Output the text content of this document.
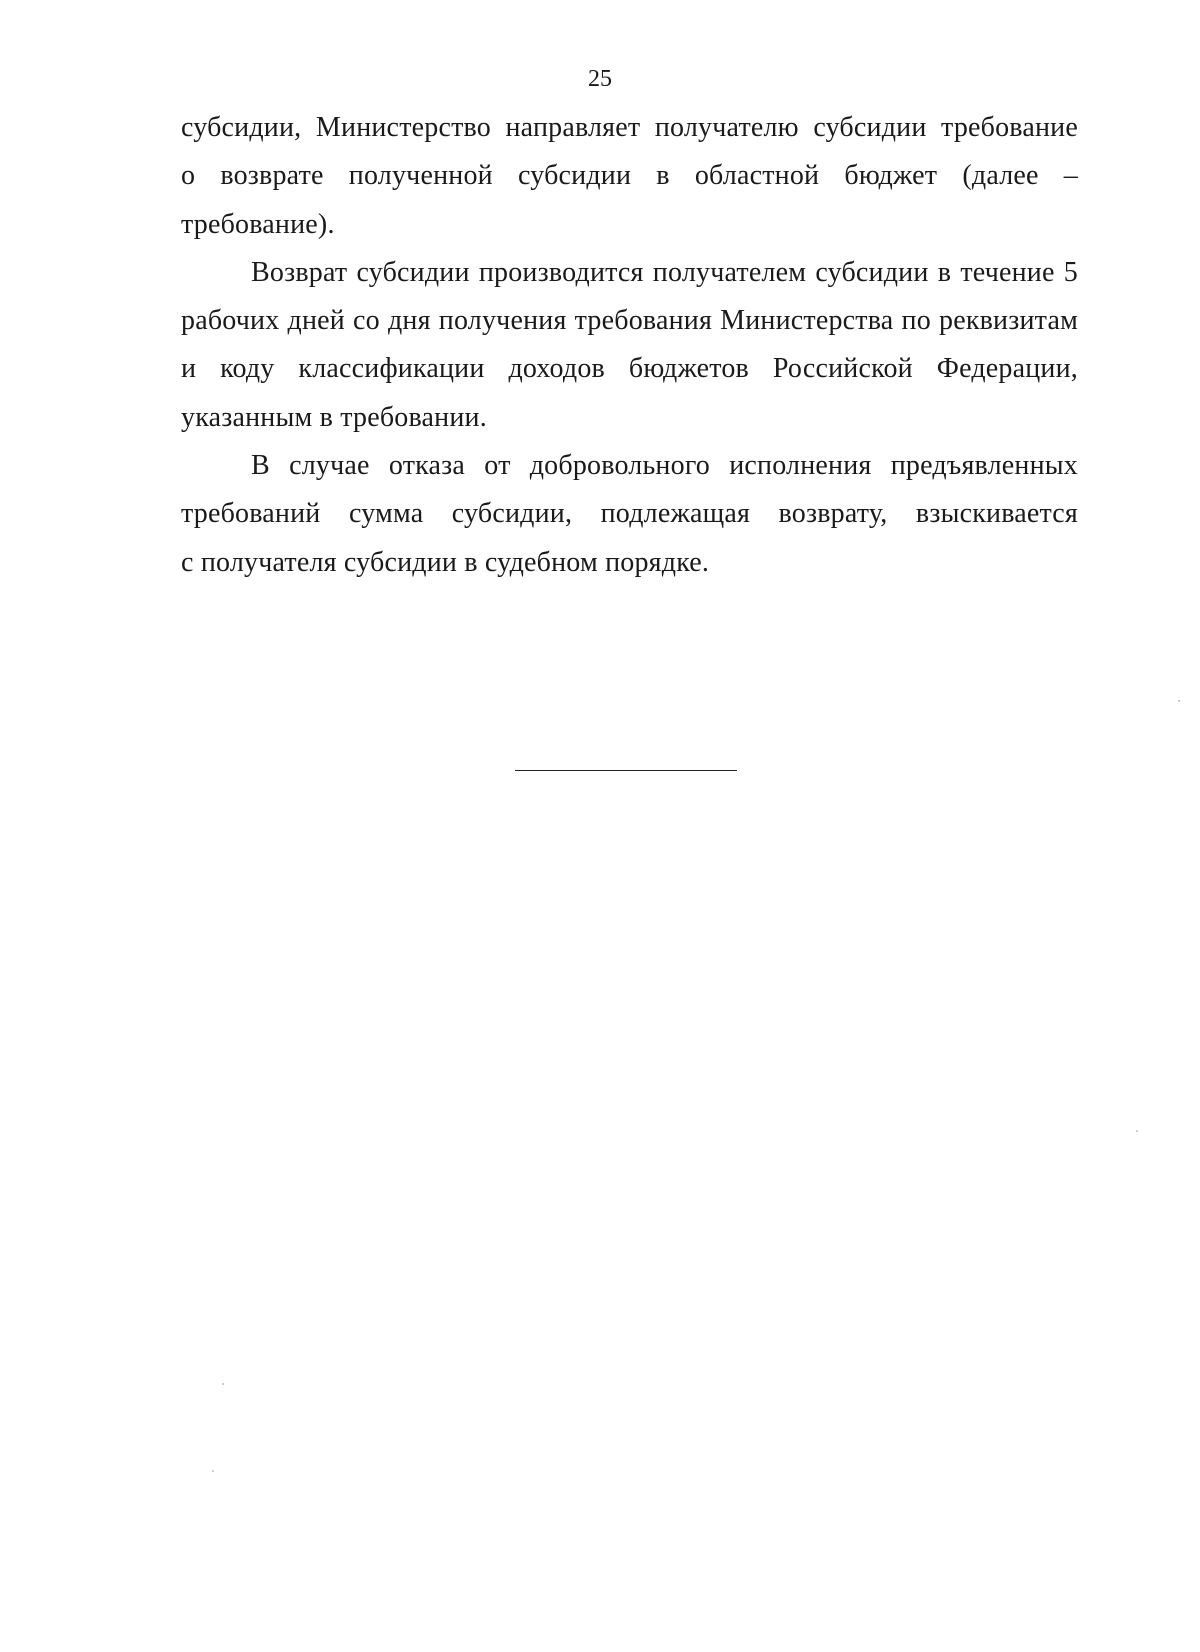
25

субсидии, Министерство направляет получателю субсидии требование
о возврате полученной субсидии в областной бюджет (далее –
требование).

Возврат субсидии производится получателем субсидии в течение 5
рабочих дней со дня получения требования Министерства по реквизитам
и коду классификации доходов бюджетов Российской Федерации,
указанным в требовании.

В случае отказа от добровольного исполнения предъявленных
требований сумма субсидии, подлежащая возврату, взыскивается
с получателя субсидии в судебном порядке.
